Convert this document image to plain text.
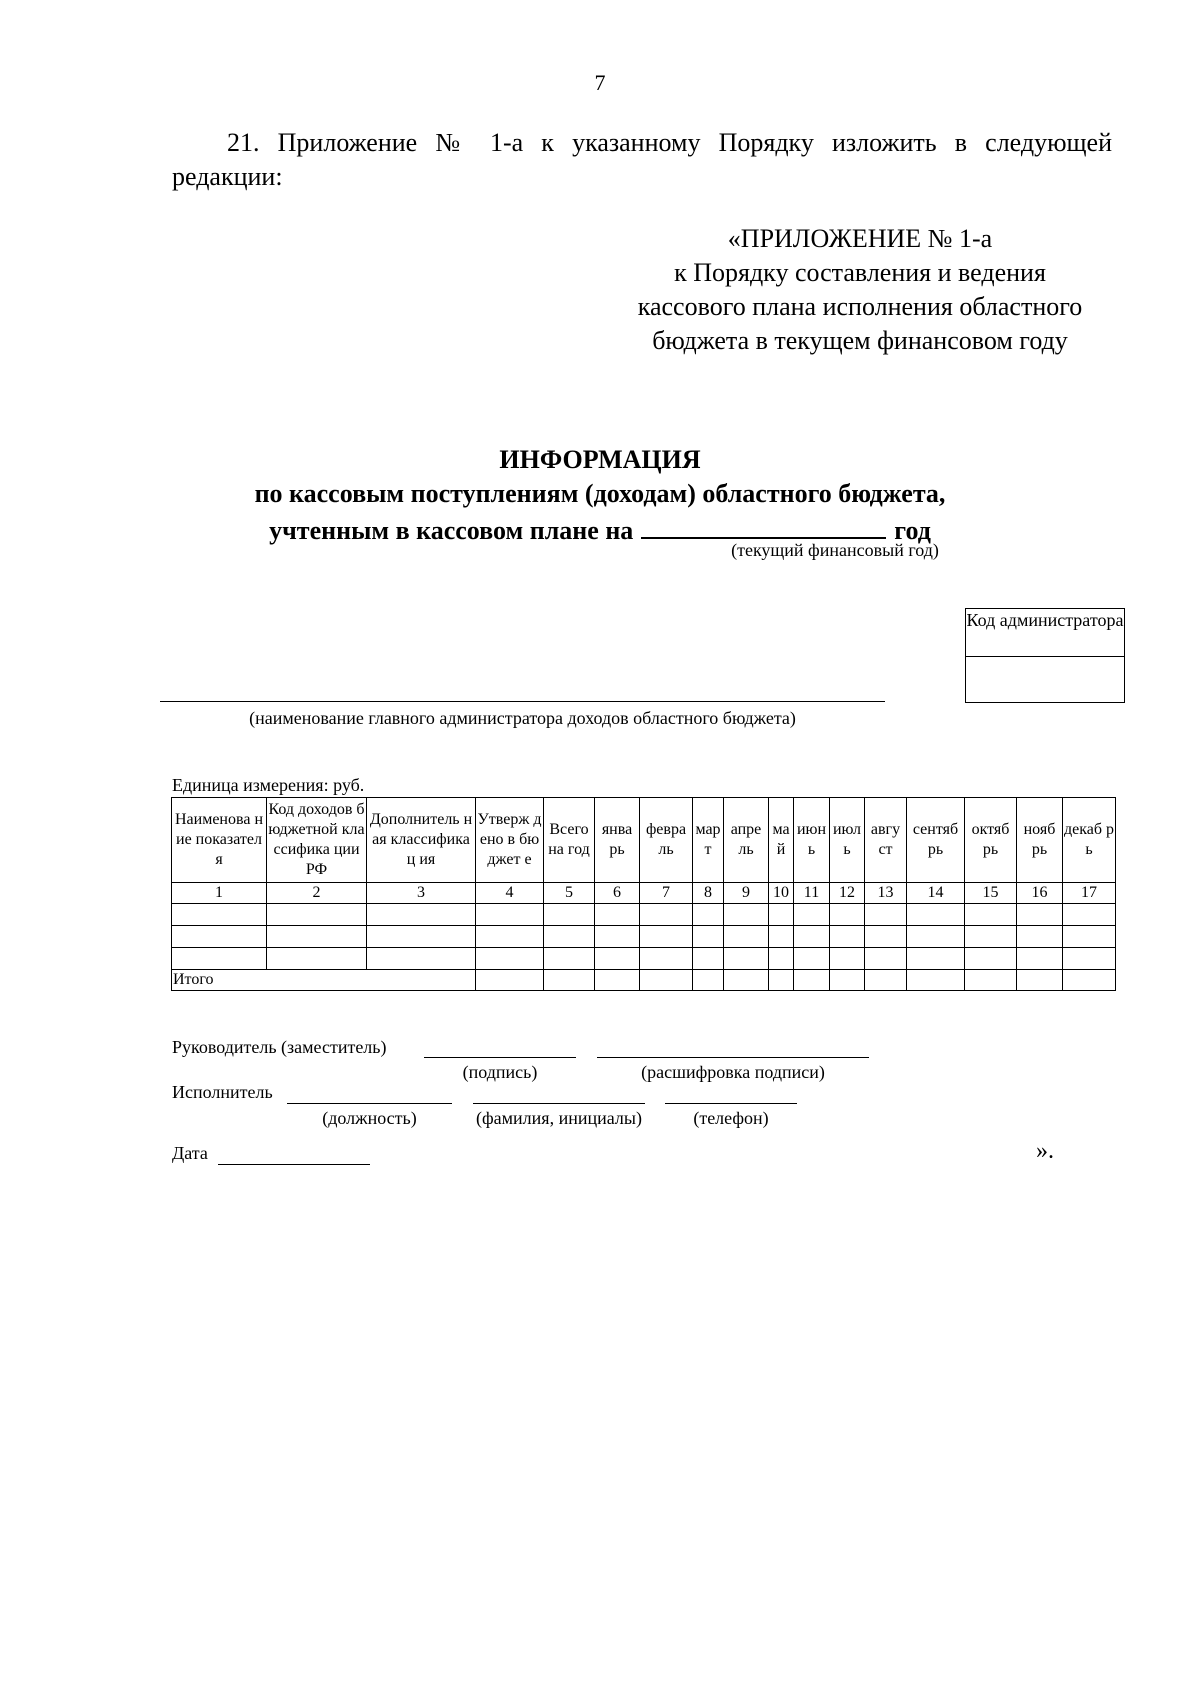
7
21. Приложение № 1-а к указанному Порядку изложить в следующей редакции:
«ПРИЛОЖЕНИЕ № 1-а
к Порядку составления и ведения
кассового плана исполнения областного
бюджета в текущем финансовом году
ИНФОРМАЦИЯ
по кассовым поступлениям (доходам) областного бюджета,
учтенным в кассовом плане на	год
(текущий финансовый год)
Код администратора
(наименование главного администратора доходов областного бюджета)
Единица измерения: руб.
Наименова ние показателя	Код доходов бюджетной классифика ции РФ	Дополнитель ная классификац ия	Утверж дено в бюджет е	Всего на год	янва рь	февра ль	мар т	апре ль	ма й	июн ь	июл ь	авгу ст	сентяб рь	октяб рь	нояб рь	декаб рь
1	2	3	4	5	6	7	8	9	10	11	12	13	14	15	16	17

Итого																
Руководитель (заместитель)
(подпись)	(расшифровка подписи)
Исполнитель
(должность)	(фамилия, инициалы)	(телефон)
Дата	».
